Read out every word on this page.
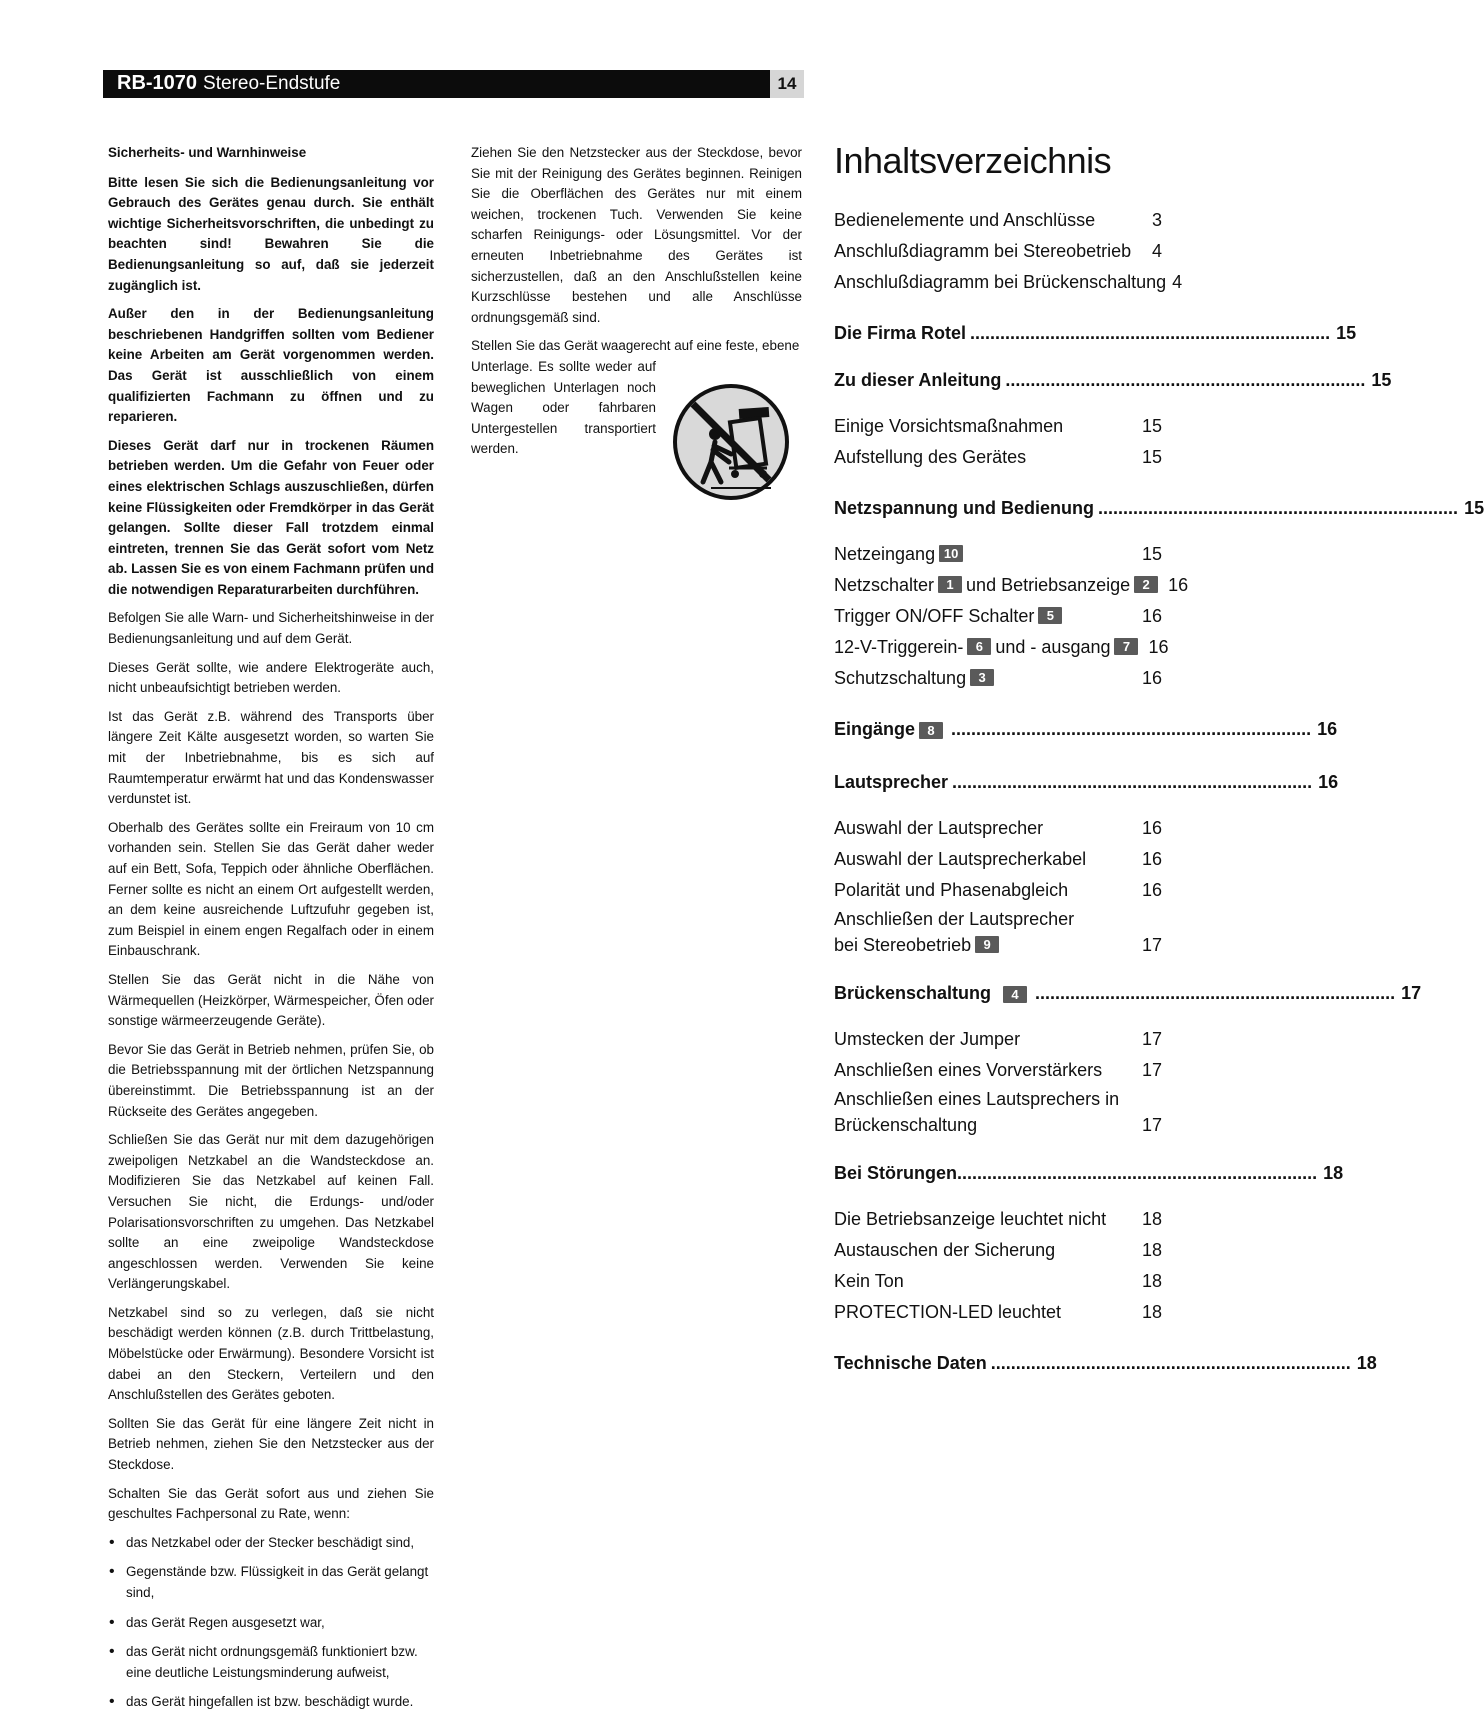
RB-1070 Stereo-Endstufe	14
Sicherheits- und Warnhinweise

Bitte lesen Sie sich die Bedienungsanleitung vor Gebrauch des Gerätes genau durch. Sie enthält wichtige Sicherheitsvorschriften, die unbedingt zu beachten sind! Bewahren Sie die Bedienungsanleitung so auf, daß sie jederzeit zugänglich ist.

Außer den in der Bedienungsanleitung beschriebenen Handgriffen sollten vom Bediener keine Arbeiten am Gerät vorgenommen werden. Das Gerät ist ausschließlich von einem qualifizierten Fachmann zu öffnen und zu reparieren.

Dieses Gerät darf nur in trockenen Räumen betrieben werden. Um die Gefahr von Feuer oder eines elektrischen Schlags auszuschließen, dürfen keine Flüssigkeiten oder Fremdkörper in das Gerät gelangen. Sollte dieser Fall trotzdem einmal eintreten, trennen Sie das Gerät sofort vom Netz ab. Lassen Sie es von einem Fachmann prüfen und die notwendigen Reparaturarbeiten durchführen.

Befolgen Sie alle Warn- und Sicherheitshinweise in der Bedienungsanleitung und auf dem Gerät.

Dieses Gerät sollte, wie andere Elektrogeräte auch, nicht unbeaufsichtigt betrieben werden.

Ist das Gerät z.B. während des Transports über längere Zeit Kälte ausgesetzt worden, so warten Sie mit der Inbetriebnahme, bis es sich auf Raumtemperatur erwärmt hat und das Kondenswasser verdunstet ist.

Oberhalb des Gerätes sollte ein Freiraum von 10 cm vorhanden sein. Stellen Sie das Gerät daher weder auf ein Bett, Sofa, Teppich oder ähnliche Oberflächen. Ferner sollte es nicht an einem Ort aufgestellt werden, an dem keine ausreichende Luftzufuhr gegeben ist, zum Beispiel in einem engen Regalfach oder in einem Einbauschrank.

Stellen Sie das Gerät nicht in die Nähe von Wärmequellen (Heizkörper, Wärmespeicher, Öfen oder sonstige wärmeerzeugende Geräte).

Bevor Sie das Gerät in Betrieb nehmen, prüfen Sie, ob die Betriebsspannung mit der örtlichen Netzspannung übereinstimmt. Die Betriebsspannung ist an der Rückseite des Gerätes angegeben.

Schließen Sie das Gerät nur mit dem dazugehörigen zweipoligen Netzkabel an die Wandsteckdose an. Modifizieren Sie das Netzkabel auf keinen Fall. Versuchen Sie nicht, die Erdungs- und/oder Polarisationsvorschriften zu umgehen. Das Netzkabel sollte an eine zweipolige Wandsteckdose angeschlossen werden. Verwenden Sie keine Verlängerungskabel.

Netzkabel sind so zu verlegen, daß sie nicht beschädigt werden können (z.B. durch Trittbelastung, Möbelstücke oder Erwärmung). Besondere Vorsicht ist dabei an den Steckern, Verteilern und den Anschlußstellen des Gerätes geboten.

Sollten Sie das Gerät für eine längere Zeit nicht in Betrieb nehmen, ziehen Sie den Netzstecker aus der Steckdose.

Schalten Sie das Gerät sofort aus und ziehen Sie geschultes Fachpersonal zu Rate, wenn:

• das Netzkabel oder der Stecker beschädigt sind,
• Gegenstände bzw. Flüssigkeit in das Gerät gelangt sind,
• das Gerät Regen ausgesetzt war,
• das Gerät nicht ordnungsgemäß funktioniert bzw. eine deutliche Leistungsminderung aufweist,
• das Gerät hingefallen ist bzw. beschädigt wurde.

Ziehen Sie den Netzstecker aus der Steckdose, bevor Sie mit der Reinigung des Gerätes beginnen. Reinigen Sie die Oberflächen des Gerätes nur mit einem weichen, trockenen Tuch. Verwenden Sie keine scharfen Reinigungs- oder Lösungsmittel. Vor der erneuten Inbetriebnahme des Gerätes ist sicherzustellen, daß an den Anschlußstellen keine Kurzschlüsse bestehen und alle Anschlüsse ordnungsgemäß sind.

Stellen Sie das Gerät waagerecht auf eine feste, ebene

Unterlage. Es sollte weder auf beweglichen Unterlagen noch Wagen oder fahrbaren Untergestellen transportiert werden.

Inhaltsverzeichnis
Bedienelemente und Anschlüsse	3
Anschlußdiagramm bei Stereobetrieb	4
Anschlußdiagramm bei Brückenschaltung 4
Die Firma Rotel ........................................................................ 15
Zu dieser Anleitung ........................................................................ 15
Einige Vorsichtsmaßnahmen	15
Aufstellung des Gerätes	15
Netzspannung und Bedienung ........................................................................ 15
Netzeingang 10	15
Netzschalter 1 und Betriebsanzeige 2	16
Trigger ON/OFF Schalter 5	16
12-V-Triggerein- 6 und - ausgang 7	16
Schutzschaltung 3	16
Eingänge 8 ........................................................................ 16
Lautsprecher ........................................................................ 16
Auswahl der Lautsprecher	16
Auswahl der Lautsprecherkabel	16
Polarität und Phasenabgleich	16
Anschließen der Lautsprecher
bei Stereobetrieb 9	17
Brückenschaltung	4 ........................................................................ 17
Umstecken der Jumper	17
Anschließen eines Vorverstärkers	17
Anschließen eines Lautsprechers in
Brückenschaltung	17
Bei Störungen ........................................................................ 18
Die Betriebsanzeige leuchtet nicht	18
Austauschen der Sicherung	18
Kein Ton	18
PROTECTION-LED leuchtet	18
Technische Daten ........................................................................ 18
